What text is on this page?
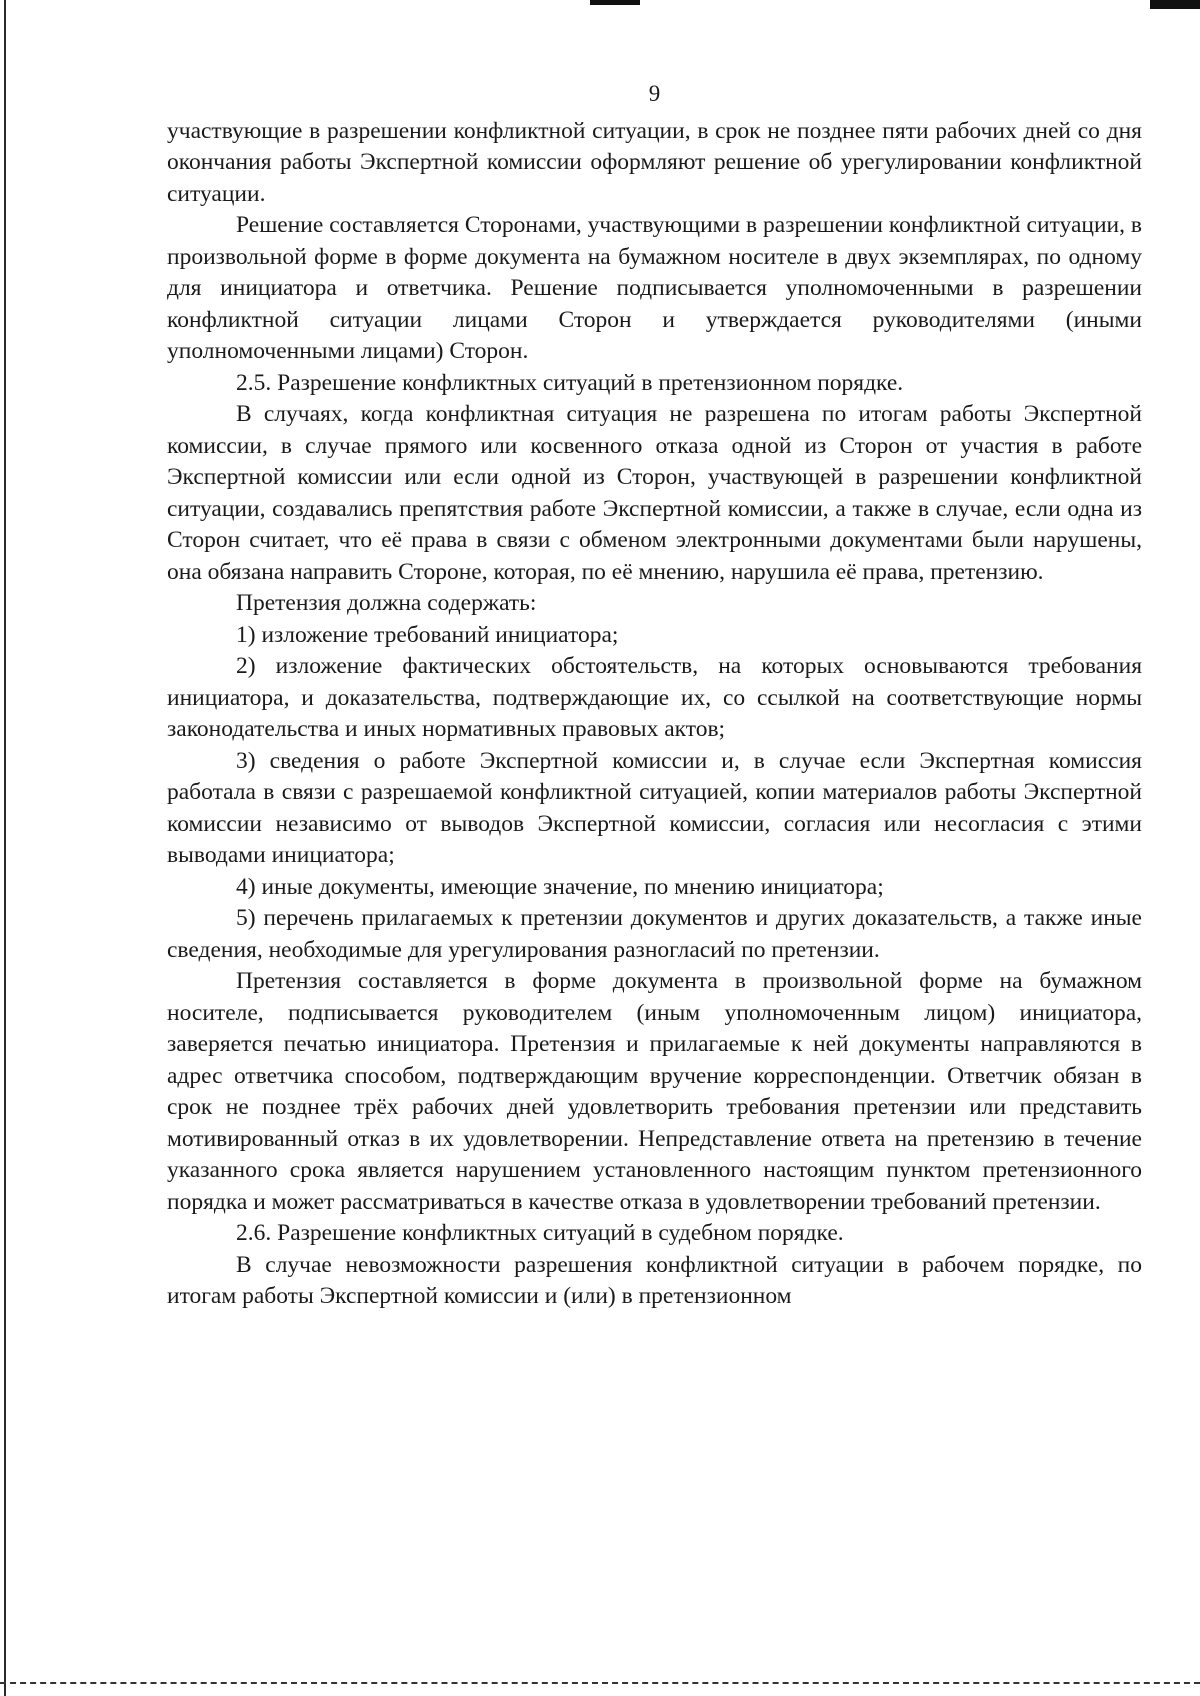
9

участвующие в разрешении конфликтной ситуации, в срок не позднее пяти рабочих дней со дня окончания работы Экспертной комиссии оформляют решение об урегулировании конфликтной ситуации.

Решение составляется Сторонами, участвующими в разрешении конфликтной ситуации, в произвольной форме в форме документа на бумажном носителе в двух экземплярах, по одному для инициатора и ответчика. Решение подписывается уполномоченными в разрешении конфликтной ситуации лицами Сторон и утверждается руководителями (иными уполномоченными лицами) Сторон.

2.5. Разрешение конфликтных ситуаций в претензионном порядке.

В случаях, когда конфликтная ситуация не разрешена по итогам работы Экспертной комиссии, в случае прямого или косвенного отказа одной из Сторон от участия в работе Экспертной комиссии или если одной из Сторон, участвующей в разрешении конфликтной ситуации, создавались препятствия работе Экспертной комиссии, а также в случае, если одна из Сторон считает, что её права в связи с обменом электронными документами были нарушены, она обязана направить Стороне, которая, по её мнению, нарушила её права, претензию.

Претензия должна содержать:

1) изложение требований инициатора;

2) изложение фактических обстоятельств, на которых основываются требования инициатора, и доказательства, подтверждающие их, со ссылкой на соответствующие нормы законодательства и иных нормативных правовых актов;

3) сведения о работе Экспертной комиссии и, в случае если Экспертная комиссия работала в связи с разрешаемой конфликтной ситуацией, копии материалов работы Экспертной комиссии независимо от выводов Экспертной комиссии, согласия или несогласия с этими выводами инициатора;

4) иные документы, имеющие значение, по мнению инициатора;

5) перечень прилагаемых к претензии документов и других доказательств, а также иные сведения, необходимые для урегулирования разногласий по претензии.

Претензия составляется в форме документа в произвольной форме на бумажном носителе, подписывается руководителем (иным уполномоченным лицом) инициатора, заверяется печатью инициатора. Претензия и прилагаемые к ней документы направляются в адрес ответчика способом, подтверждающим вручение корреспонденции. Ответчик обязан в срок не позднее трёх рабочих дней удовлетворить требования претензии или представить мотивированный отказ в их удовлетворении. Непредставление ответа на претензию в течение указанного срока является нарушением установленного настоящим пунктом претензионного порядка и может рассматриваться в качестве отказа в удовлетворении требований претензии.

2.6. Разрешение конфликтных ситуаций в судебном порядке.

В случае невозможности разрешения конфликтной ситуации в рабочем порядке, по итогам работы Экспертной комиссии и (или) в претензионном
